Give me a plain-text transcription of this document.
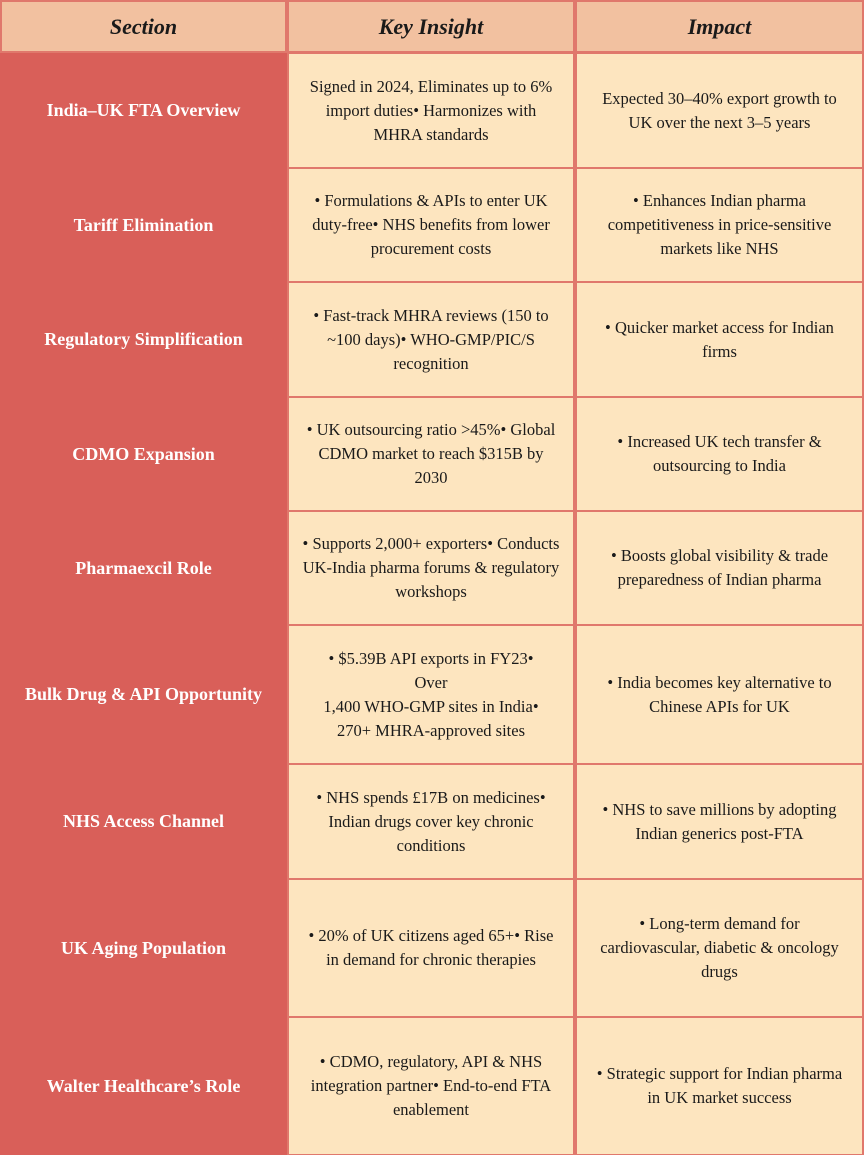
Section	Key Insight	Impact
India–UK FTA Overview
Signed in 2024, Eliminates up to 6% import duties• Harmonizes with MHRA standards
Expected 30–40% export growth to UK over the next 3–5 years
Tariff Elimination
• Formulations & APIs to enter UK duty-free• NHS benefits from lower procurement costs
• Enhances Indian pharma competitiveness in price-sensitive markets like NHS
Regulatory Simplification
• Fast-track MHRA reviews (150 to ~100 days)• WHO-GMP/PIC/S recognition
• Quicker market access for Indian firms
CDMO Expansion
• UK outsourcing ratio >45%• Global CDMO market to reach $315B by 2030
• Increased UK tech transfer & outsourcing to India
Pharmaexcil Role
• Supports 2,000+ exporters• Conducts UK-India pharma forums & regulatory workshops
• Boosts global visibility & trade preparedness of Indian pharma
Bulk Drug & API Opportunity
• $5.39B API exports in FY23•
Over
1,400 WHO-GMP sites in India•
270+ MHRA-approved sites
• India becomes key alternative to Chinese APIs for UK
NHS Access Channel
• NHS spends £17B on medicines• Indian drugs cover key chronic conditions
• NHS to save millions by adopting Indian generics post-FTA
UK Aging Population
• 20% of UK citizens aged 65+• Rise in demand for chronic therapies
• Long-term demand for cardiovascular, diabetic & oncology drugs
Walter Healthcare’s Role
• CDMO, regulatory, API & NHS integration partner• End-to-end FTA enablement
• Strategic support for Indian pharma in UK market success
